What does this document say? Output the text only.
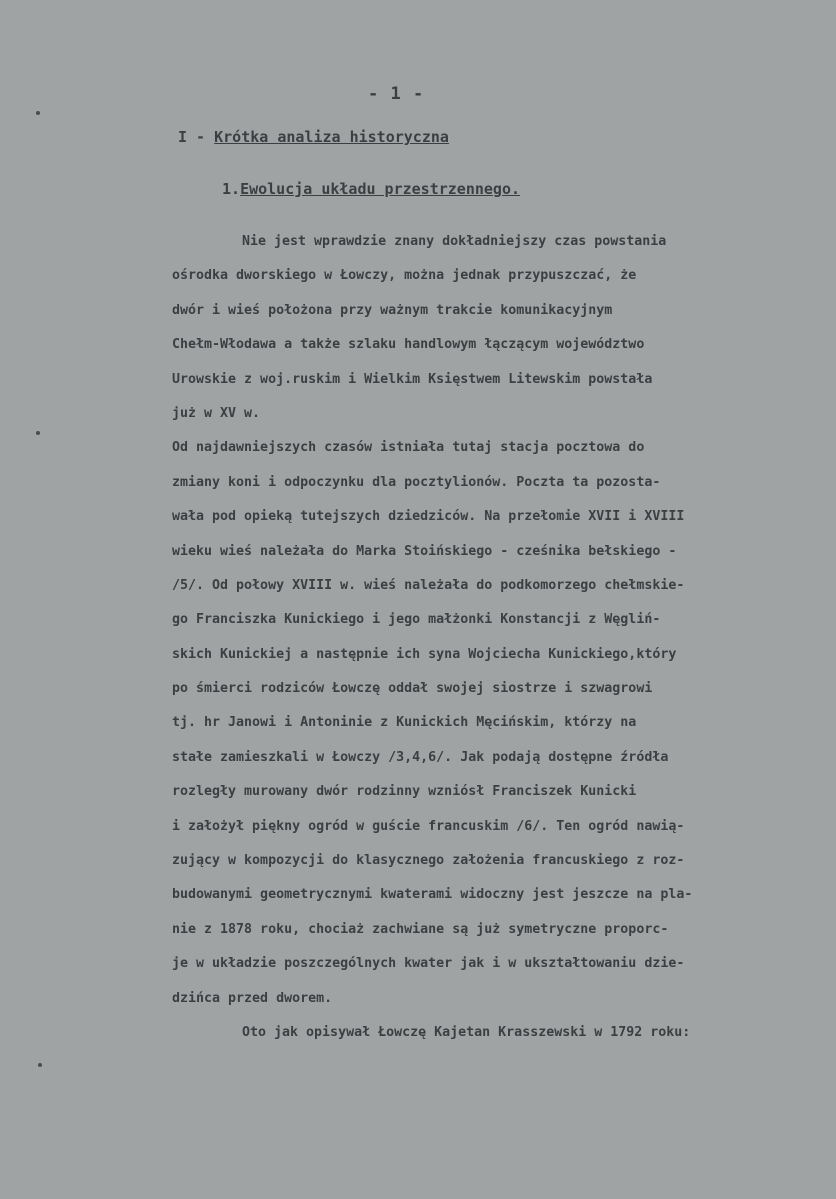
- 1 -
I - Krótka analiza historyczna
1.Ewolucja układu przestrzennego.
Nie jest wprawdzie znany dokładniejszy czas powstania
ośrodka dworskiego w Łowczy, można jednak przypuszczać, że
dwór i wieś położona przy ważnym trakcie komunikacyjnym
Chełm-Włodawa a także szlaku handlowym łączącym województwo
Urowskie z woj.ruskim i Wielkim Księstwem Litewskim powstała
już w XV w.
Od najdawniejszych czasów istniała tutaj stacja pocztowa do
zmiany koni i odpoczynku dla pocztylionów. Poczta ta pozosta-
wała pod opieką tutejszych dziedziców. Na przełomie XVII i XVIII
wieku wieś należała do Marka Stoińskiego - cześnika bełskiego -
/5/. Od połowy XVIII w. wieś należała do podkomorzego chełmskie-
go Franciszka Kunickiego i jego małżonki Konstancji z Węgliń-
skich Kunickiej a następnie ich syna Wojciecha Kunickiego,który
po śmierci rodziców Łowczę oddał swojej siostrze i szwagrowi
tj. hr Janowi i Antoninie z Kunickich Męcińskim, którzy na
stałe zamieszkali w Łowczy /3,4,6/. Jak podają dostępne źródła
rozległy murowany dwór rodzinny wzniósł Franciszek Kunicki
i założył piękny ogród w guście francuskim /6/. Ten ogród nawią-
zujący w kompozycji do klasycznego założenia francuskiego z roz-
budowanymi geometrycznymi kwaterami widoczny jest jeszcze na pla-
nie z 1878 roku, chociaż zachwiane są już symetryczne proporc-
je w układzie poszczególnych kwater jak i w ukształtowaniu dzie-
dzińca przed dworem.
Oto jak opisywał Łowczę Kajetan Krasszewski w 1792 roku:
